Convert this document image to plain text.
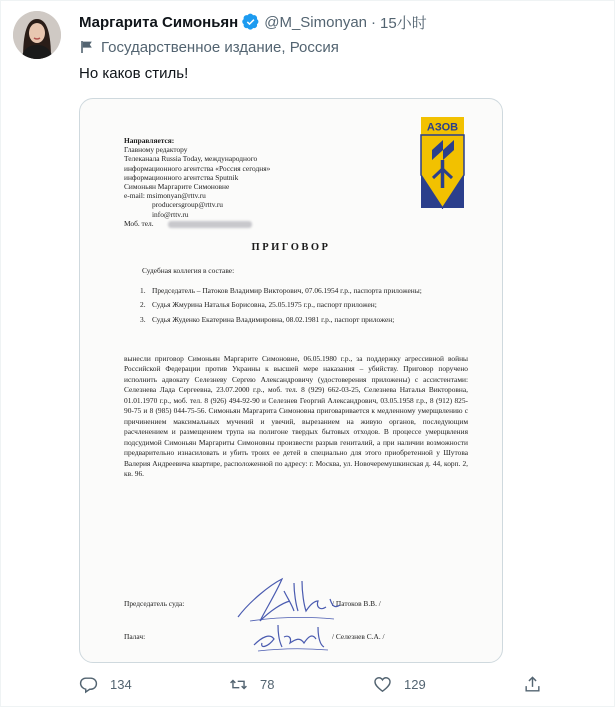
Маргарита Симоньян @M_Simonyan · 15小时
Государственное издание, Россия
Но каков стиль!
Направляется:
Главному редактору
Телеканала Russia Today, международного
информационного агентства «Россия сегодня»
информационного агентства Sputnik
Симоньян Маргарите Симоновне
e-mail: msimonyan@rttv.ru
producersgroup@rttv.ru
info@rttv.ru
Моб. тел.
АЗОВ
ПРИГОВОР
Судебная коллегия в составе:
1. Председатель – Патоков Владимир Викторович, 07.06.1954 г.р., паспорта приложены;
2. Судья Жмурина Наталья Борисовна, 25.05.1975 г.р., паспорт приложен;
3. Судья Жуденко Екатерина Владимировна, 08.02.1981 г.р., паспорт приложен;
вынесли приговор Симоньян Маргарите Симоновне, 06.05.1980 г.р., за поддержку агрессивной войны Российской Федерации против Украины к высшей мере наказания – убийству. Приговор поручено исполнить адвокату Селезневу Сергею Александровичу (удостоверения приложены) с ассистентами: Селезнева Лада Сергеевна, 23.07.2000 г.р., моб. тел. 8 (929) 662-03-25, Селезнева Наталья Викторовна, 01.01.1970 г.р., моб. тел. 8 (926) 494-92-90 и Селезнев Георгий Александрович, 03.05.1958 г.р., 8 (912) 825-90-75 и 8 (985) 044-75-56. Симоньян Маргарита Симоновна приговаривается к медленному умерщвлению с причинением максимальных мучений и увечий, вырезанием на живую органов, последующим расчленением и размещением трупа на полигоне твердых бытовых отходов. В процессе умерщвления подсудимой Симоньян Маргариты Симоновны произвести разрыв гениталий, а при наличии возможности предварительно изнасиловать и убить троих ее детей в специально для этого приобретенной у Шутова Валерия Андреевича квартире, расположенной по адресу: г. Москва, ул. Новочеремушкинская д. 44, корп. 2, кв. 96.
Председатель суда:	/ Патоков В.В. /
Палач:	/ Селезнев С.А. /
134	78	129
